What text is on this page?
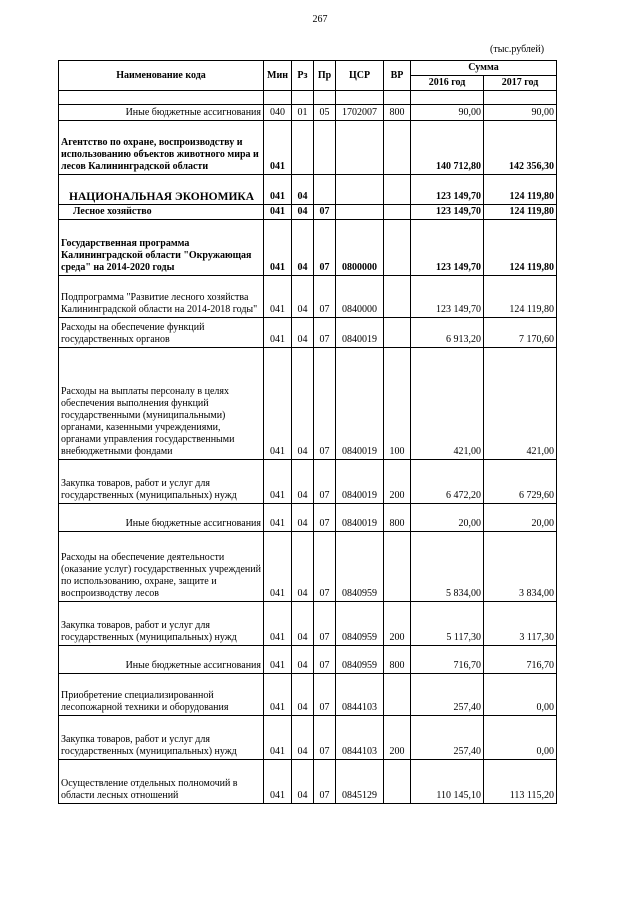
267
(тыс.рублей)
Наименование кода	Мин	Рз	Пр	ЦСР	ВР	Сумма	
						2016 год	2017 год

Иные бюджетные ассигнования	040	01	05	1702007	800	90,00	90,00
Агентство по охране, воспроизводству и использованию объектов животного мира и лесов Калининградской области	041					140 712,80	142 356,30
НАЦИОНАЛЬНАЯ ЭКОНОМИКА	041	04				123 149,70	124 119,80
Лесное хозяйство	041	04	07			123 149,70	124 119,80
Государственная программа Калининградской области "Окружающая среда" на 2014-2020 годы	041	04	07	0800000		123 149,70	124 119,80
Подпрограмма "Развитие лесного хозяйства Калининградской области на 2014-2018 годы"	041	04	07	0840000		123 149,70	124 119,80
Расходы на обеспечение функций государственных органов	041	04	07	0840019		6 913,20	7 170,60
Расходы на выплаты персоналу в целях обеспечения выполнения функций государственными (муниципальными) органами, казенными учреждениями, органами управления государственными внебюджетными фондами	041	04	07	0840019	100	421,00	421,00
Закупка товаров, работ и услуг для государственных (муниципальных) нужд	041	04	07	0840019	200	6 472,20	6 729,60
Иные бюджетные ассигнования	041	04	07	0840019	800	20,00	20,00
Расходы на обеспечение деятельности (оказание услуг) государственных учреждений по использованию, охране, защите и воспроизводству лесов	041	04	07	0840959		5 834,00	3 834,00
Закупка товаров, работ и услуг для государственных (муниципальных) нужд	041	04	07	0840959	200	5 117,30	3 117,30
Иные бюджетные ассигнования	041	04	07	0840959	800	716,70	716,70
Приобретение специализированной лесопожарной техники и оборудования	041	04	07	0844103		257,40	0,00
Закупка товаров, работ и услуг для государственных (муниципальных) нужд	041	04	07	0844103	200	257,40	0,00
Осуществление отдельных полномочий в области лесных отношений	041	04	07	0845129		110 145,10	113 115,20
